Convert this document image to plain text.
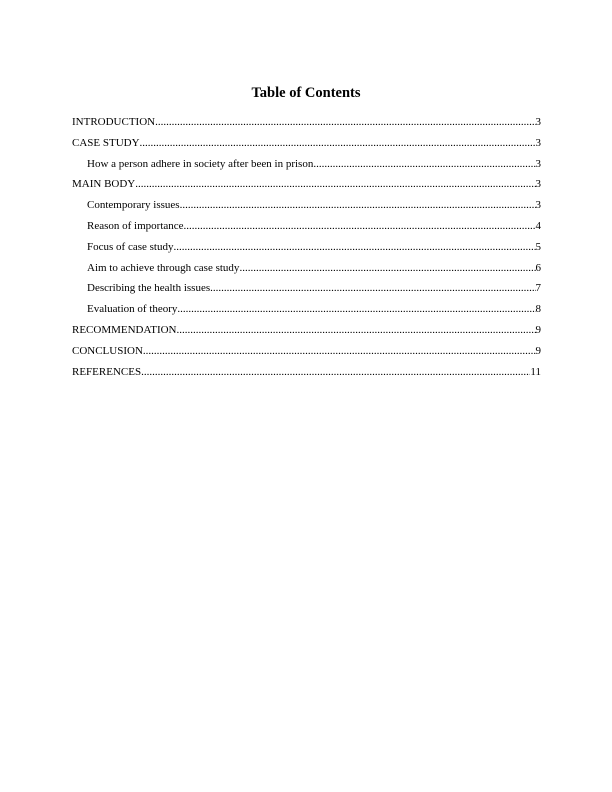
Table of Contents
INTRODUCTION .....	3
CASE STUDY .....	3
How a person adhere in society after been in prison .....	3
MAIN BODY .....	3
Contemporary issues .....	3
Reason of importance .....	4
Focus of case study .....	5
Aim to achieve through case study .....	6
Describing the health issues .....	7
Evaluation of theory .....	8
RECOMMENDATION .....	9
CONCLUSION .....	9
REFERENCES .....	11
